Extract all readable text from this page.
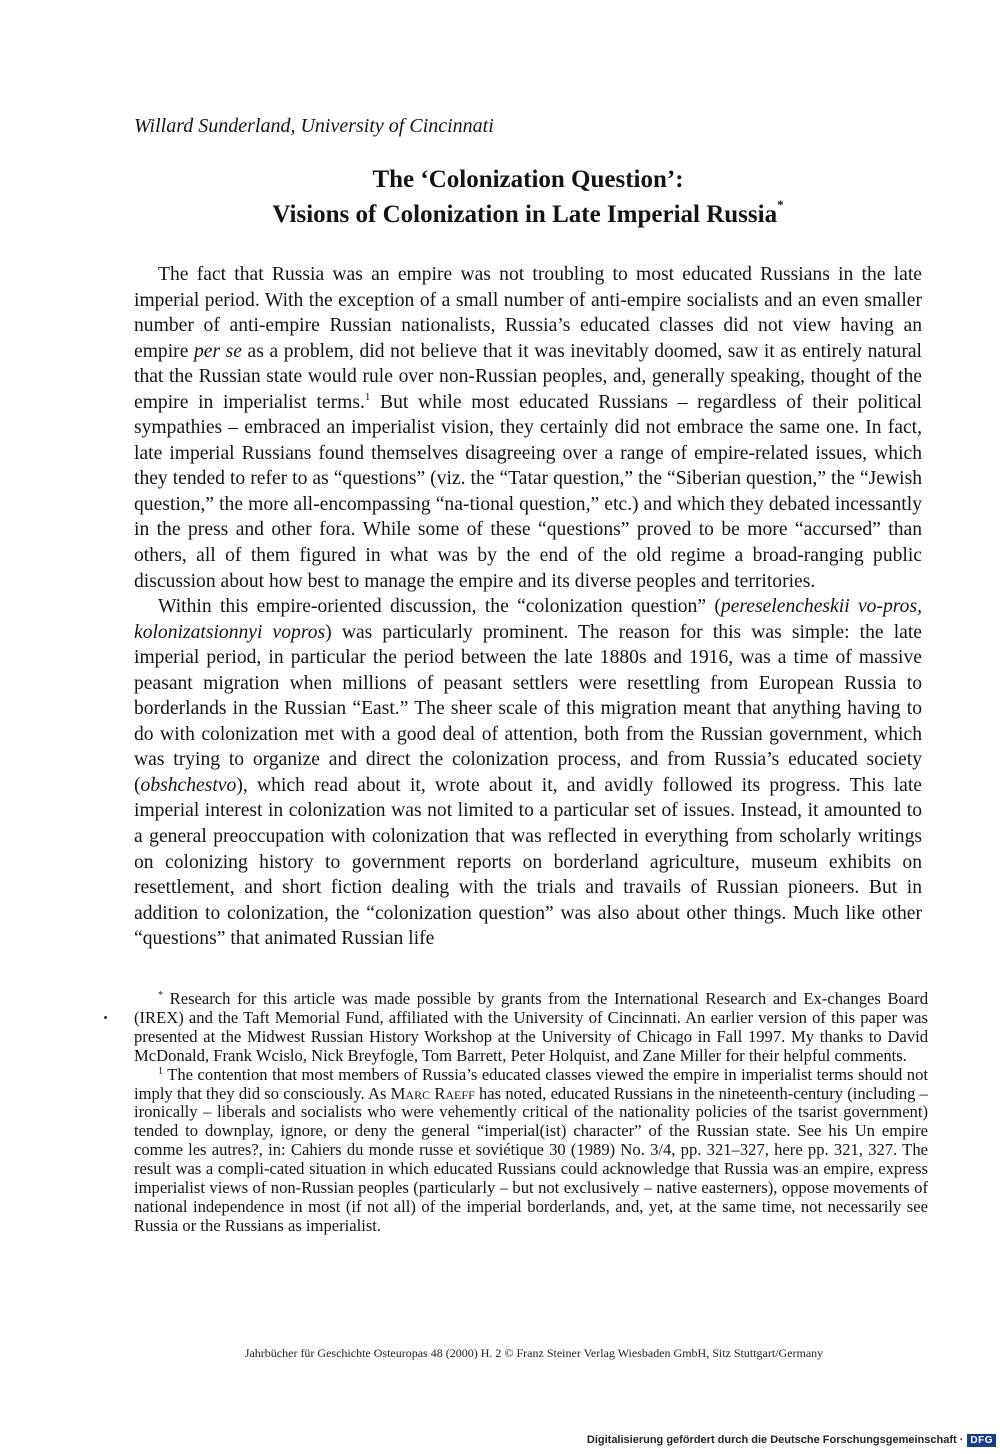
Willard Sunderland, University of Cincinnati
The ‘Colonization Question’:
Visions of Colonization in Late Imperial Russia*

The fact that Russia was an empire was not troubling to most educated Russians in the late imperial period. With the exception of a small number of anti-empire socialists and an even smaller number of anti-empire Russian nationalists, Russia’s educated classes did not view having an empire per se as a problem, did not believe that it was inevitably doomed, saw it as entirely natural that the Russian state would rule over non-Russian peoples, and, generally speaking, thought of the empire in imperialist terms.$^1$ But while most educated Russians – regardless of their political sympathies – embraced an imperialist vision, they certainly did not embrace the same one. In fact, late imperial Russians found themselves disagreeing over a range of empire-related issues, which they tended to refer to as “questions” (viz. the “Tatar question,” the “Siberian question,” the “Jewish question,” the more all-encompassing “na-tional question,” etc.) and which they debated incessantly in the press and other fora. While some of these “questions” proved to be more “accursed” than others, all of them figured in what was by the end of the old regime a broad-ranging public discussion about how best to manage the empire and its diverse peoples and territories.

Within this empire-oriented discussion, the “colonization question” (pereselencheskii vo-pros, kolonizatsionnyi vopros) was particularly prominent. The reason for this was simple: the late imperial period, in particular the period between the late 1880s and 1916, was a time of massive peasant migration when millions of peasant settlers were resettling from European Russia to borderlands in the Russian “East.” The sheer scale of this migration meant that anything having to do with colonization met with a good deal of attention, both from the Russian government, which was trying to organize and direct the colonization process, and from Russia’s educated society (obshchestvo), which read about it, wrote about it, and avidly followed its progress. This late imperial interest in colonization was not limited to a particular set of issues. Instead, it amounted to a general preoccupation with colonization that was reflected in everything from scholarly writings on colonizing history to government reports on borderland agriculture, museum exhibits on resettlement, and short fiction dealing with the trials and travails of Russian pioneers. But in addition to colonization, the “colonization question” was also about other things. Much like other “questions” that animated Russian life

* Research for this article was made possible by grants from the International Research and Ex-changes Board (IREX) and the Taft Memorial Fund, affiliated with the University of Cincinnati. An earlier version of this paper was presented at the Midwest Russian History Workshop at the University of Chicago in Fall 1997. My thanks to David McDonald, Frank Wcislo, Nick Breyfogle, Tom Barrett, Peter Holquist, and Zane Miller for their helpful comments.

$^1$ The contention that most members of Russia’s educated classes viewed the empire in imperialist terms should not imply that they did so consciously. As Marc Raeff has noted, educated Russians in the nineteenth-century (including – ironically – liberals and socialists who were vehemently critical of the nationality policies of the tsarist government) tended to downplay, ignore, or deny the general “imperial(ist) character” of the Russian state. See his Un empire comme les autres?, in: Cahiers du monde russe et soviétique 30 (1989) No. 3/4, pp. 321–327, here pp. 321, 327. The result was a compli-cated situation in which educated Russians could acknowledge that Russia was an empire, express imperialist views of non-Russian peoples (particularly – but not exclusively – native easterners), oppose movements of national independence in most (if not all) of the imperial borderlands, and, yet, at the same time, not necessarily see Russia or the Russians as imperialist.

Jahrbücher für Geschichte Osteuropas 48 (2000) H. 2 © Franz Steiner Verlag Wiesbaden GmbH, Sitz Stuttgart/Germany
Digitalisierung gefördert durch die Deutsche Forschungsgemeinschaft · DFG
